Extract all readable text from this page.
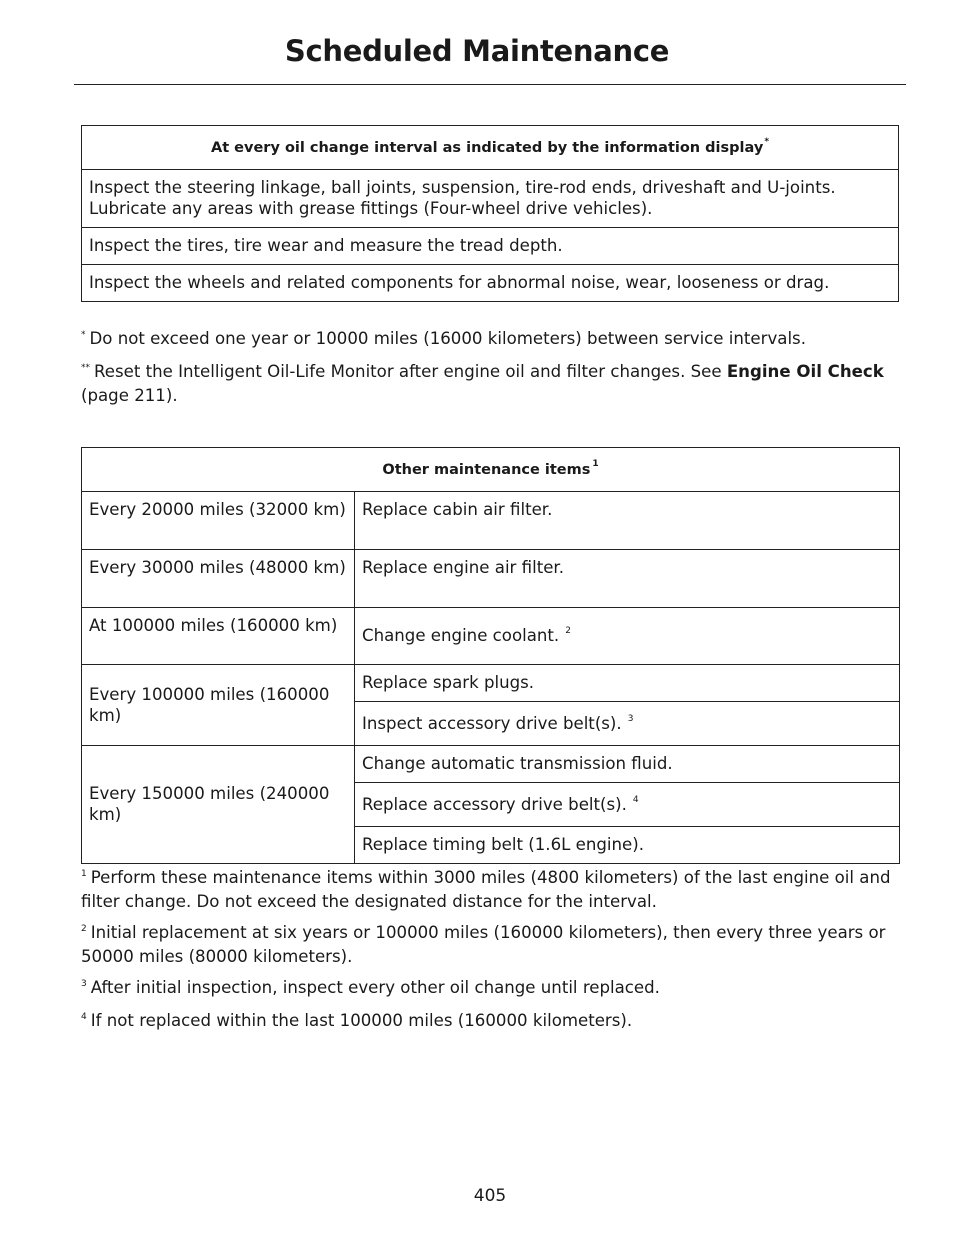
Scheduled Maintenance
At every oil change interval as indicated by the information display*
Inspect the steering linkage, ball joints, suspension, tire-rod ends, driveshaft and U-joints. Lubricate any areas with grease fittings (Four-wheel drive vehicles).
Inspect the tires, tire wear and measure the tread depth.
Inspect the wheels and related components for abnormal noise, wear, looseness or drag.
* Do not exceed one year or 10000 miles (16000 kilometers) between service intervals.
** Reset the Intelligent Oil-Life Monitor after engine oil and filter changes. See Engine Oil Check (page 211).
Other maintenance items $^1$
Every 20000 miles (32000 km)	Replace cabin air filter.
Every 30000 miles (48000 km)	Replace engine air filter.
At 100000 miles (160000 km)	Change engine coolant. $^2$
Every 100000 miles (160000 km)	Replace spark plugs.
	Inspect accessory drive belt(s). $^3$
Every 150000 miles (240000 km)	Change automatic transmission fluid.
	Replace accessory drive belt(s). $^4$
	Replace timing belt (1.6L engine).
$^1$ Perform these maintenance items within 3000 miles (4800 kilometers) of the last engine oil and filter change. Do not exceed the designated distance for the interval.
$^2$ Initial replacement at six years or 100000 miles (160000 kilometers), then every three years or 50000 miles (80000 kilometers).
$^3$ After initial inspection, inspect every other oil change until replaced.
$^4$ If not replaced within the last 100000 miles (160000 kilometers).
405
